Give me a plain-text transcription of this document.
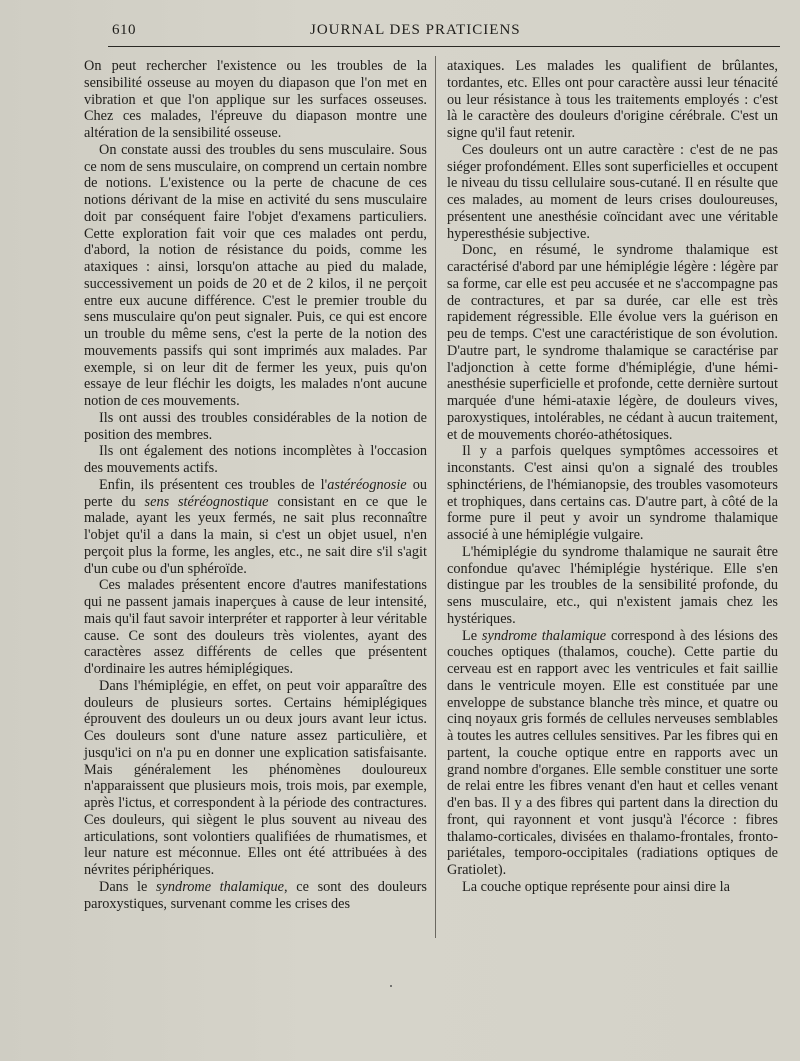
610	JOURNAL DES PRATICIENS

On peut rechercher l'existence ou les troubles de la sensibilité osseuse au moyen du diapason que l'on met en vibration et que l'on applique sur les surfaces osseuses. Chez ces malades, l'épreuve du diapason montre une altération de la sensibilité osseuse.

On constate aussi des troubles du sens musculaire. Sous ce nom de sens musculaire, on comprend un certain nombre de notions. L'existence ou la perte de chacune de ces notions dérivant de la mise en activité du sens musculaire doit par conséquent faire l'objet d'examens particuliers. Cette exploration fait voir que ces malades ont perdu, d'abord, la notion de résistance du poids, comme les ataxiques : ainsi, lorsqu'on attache au pied du malade, successivement un poids de 20 et de 2 kilos, il ne perçoit entre eux aucune différence. C'est le premier trouble du sens musculaire qu'on peut signaler. Puis, ce qui est encore un trouble du même sens, c'est la perte de la notion des mouvements passifs qui sont imprimés aux malades. Par exemple, si on leur dit de fermer les yeux, puis qu'on essaye de leur fléchir les doigts, les malades n'ont aucune notion de ces mouvements.

Ils ont aussi des troubles considérables de la notion de position des membres.

Ils ont également des notions incomplètes à l'occasion des mouvements actifs.

Enfin, ils présentent ces troubles de l'astéréognosie ou perte du sens stéréognostique consistant en ce que le malade, ayant les yeux fermés, ne sait plus reconnaître l'objet qu'il a dans la main, si c'est un objet usuel, n'en perçoit plus la forme, les angles, etc., ne sait dire s'il s'agit d'un cube ou d'un sphéroïde.

Ces malades présentent encore d'autres manifestations qui ne passent jamais inaperçues à cause de leur intensité, mais qu'il faut savoir interpréter et rapporter à leur véritable cause. Ce sont des douleurs très violentes, ayant des caractères assez différents de celles que présentent d'ordinaire les autres hémiplégiques.

Dans l'hémiplégie, en effet, on peut voir apparaître des douleurs de plusieurs sortes. Certains hémiplégiques éprouvent des douleurs un ou deux jours avant leur ictus. Ces douleurs sont d'une nature assez particulière, et jusqu'ici on n'a pu en donner une explication satisfaisante. Mais généralement les phénomènes douloureux n'apparaissent que plusieurs mois, trois mois, par exemple, après l'ictus, et correspondent à la période des contractures. Ces douleurs, qui siègent le plus souvent au niveau des articulations, sont volontiers qualifiées de rhumatismes, et leur nature est méconnue. Elles ont été attribuées à des névrites périphériques.

Dans le syndrome thalamique, ce sont des douleurs paroxystiques, survenant comme les crises des

ataxiques. Les malades les qualifient de brûlantes, tordantes, etc. Elles ont pour caractère aussi leur ténacité ou leur résistance à tous les traitements employés : c'est là le caractère des douleurs d'origine cérébrale. C'est un signe qu'il faut retenir.

Ces douleurs ont un autre caractère : c'est de ne pas siéger profondément. Elles sont superficielles et occupent le niveau du tissu cellulaire sous-cutané. Il en résulte que ces malades, au moment de leurs crises douloureuses, présentent une anesthésie coïncidant avec une véritable hyperesthésie subjective.

Donc, en résumé, le syndrome thalamique est caractérisé d'abord par une hémiplégie légère : légère par sa forme, car elle est peu accusée et ne s'accompagne pas de contractures, et par sa durée, car elle est très rapidement régressible. Elle évolue vers la guérison en peu de temps. C'est une caractéristique de son évolution. D'autre part, le syndrome thalamique se caractérise par l'adjonction à cette forme d'hémiplégie, d'une hémi-anesthésie superficielle et profonde, cette dernière surtout marquée d'une hémi-ataxie légère, de douleurs vives, paroxystiques, intolérables, ne cédant à aucun traitement, et de mouvements choréo-athétosiques.

Il y a parfois quelques symptômes accessoires et inconstants. C'est ainsi qu'on a signalé des troubles sphinctériens, de l'hémianopsie, des troubles vasomoteurs et trophiques, dans certains cas. D'autre part, à côté de la forme pure il peut y avoir un syndrome thalamique associé à une hémiplégie vulgaire.

L'hémiplégie du syndrome thalamique ne saurait être confondue qu'avec l'hémiplégie hystérique. Elle s'en distingue par les troubles de la sensibilité profonde, du sens musculaire, etc., qui n'existent jamais chez les hystériques.

Le syndrome thalamique correspond à des lésions des couches optiques (thalamos, couche). Cette partie du cerveau est en rapport avec les ventricules et fait saillie dans le ventricule moyen. Elle est constituée par une enveloppe de substance blanche très mince, et quatre ou cinq noyaux gris formés de cellules nerveuses semblables à toutes les autres cellules sensitives. Par les fibres qui en partent, la couche optique entre en rapports avec un grand nombre d'organes. Elle semble constituer une sorte de relai entre les fibres venant d'en haut et celles venant d'en bas. Il y a des fibres qui partent dans la direction du front, qui rayonnent et vont jusqu'à l'écorce : fibres thalamo-corticales, divisées en thalamo-frontales, fronto-pariétales, temporo-occipitales (radiations optiques de Gratiolet).

La couche optique représente pour ainsi dire la
